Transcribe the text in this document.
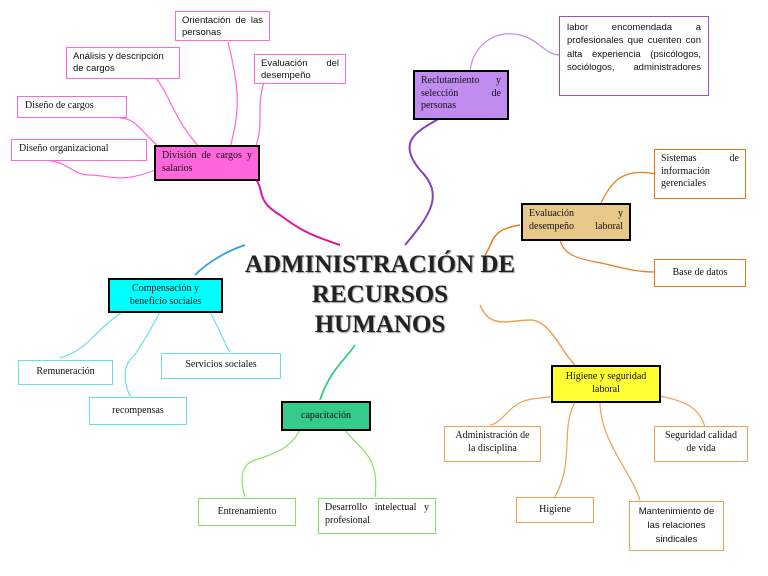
ADMINISTRACIÓN DE
RECURSOS
HUMANOS
División de cargos y salarios
Orientación de las personas
Análisis y descripción de cargos	Evaluación del desempeño
Diseño de cargos
Diseño organizacional
Reclutamiento y selección de personas
labor encomendada a profesionales que cuenten con alta experiencia (psicólogos, sociólogos, administradores
Evaluación y desempeño laboral
Sistemas de información gerenciales
Base de datos
Compensación y beneficio sociales
Remuneración
Servicios sociales
recompensas	capacitación
Entrenamiento	Desarrollo intelectual y profesional
Higiene y seguridad laboral
Administración de la disciplina
Seguridad calidad de vida
Higiene	Mantenimiento de las relaciones sindicales
